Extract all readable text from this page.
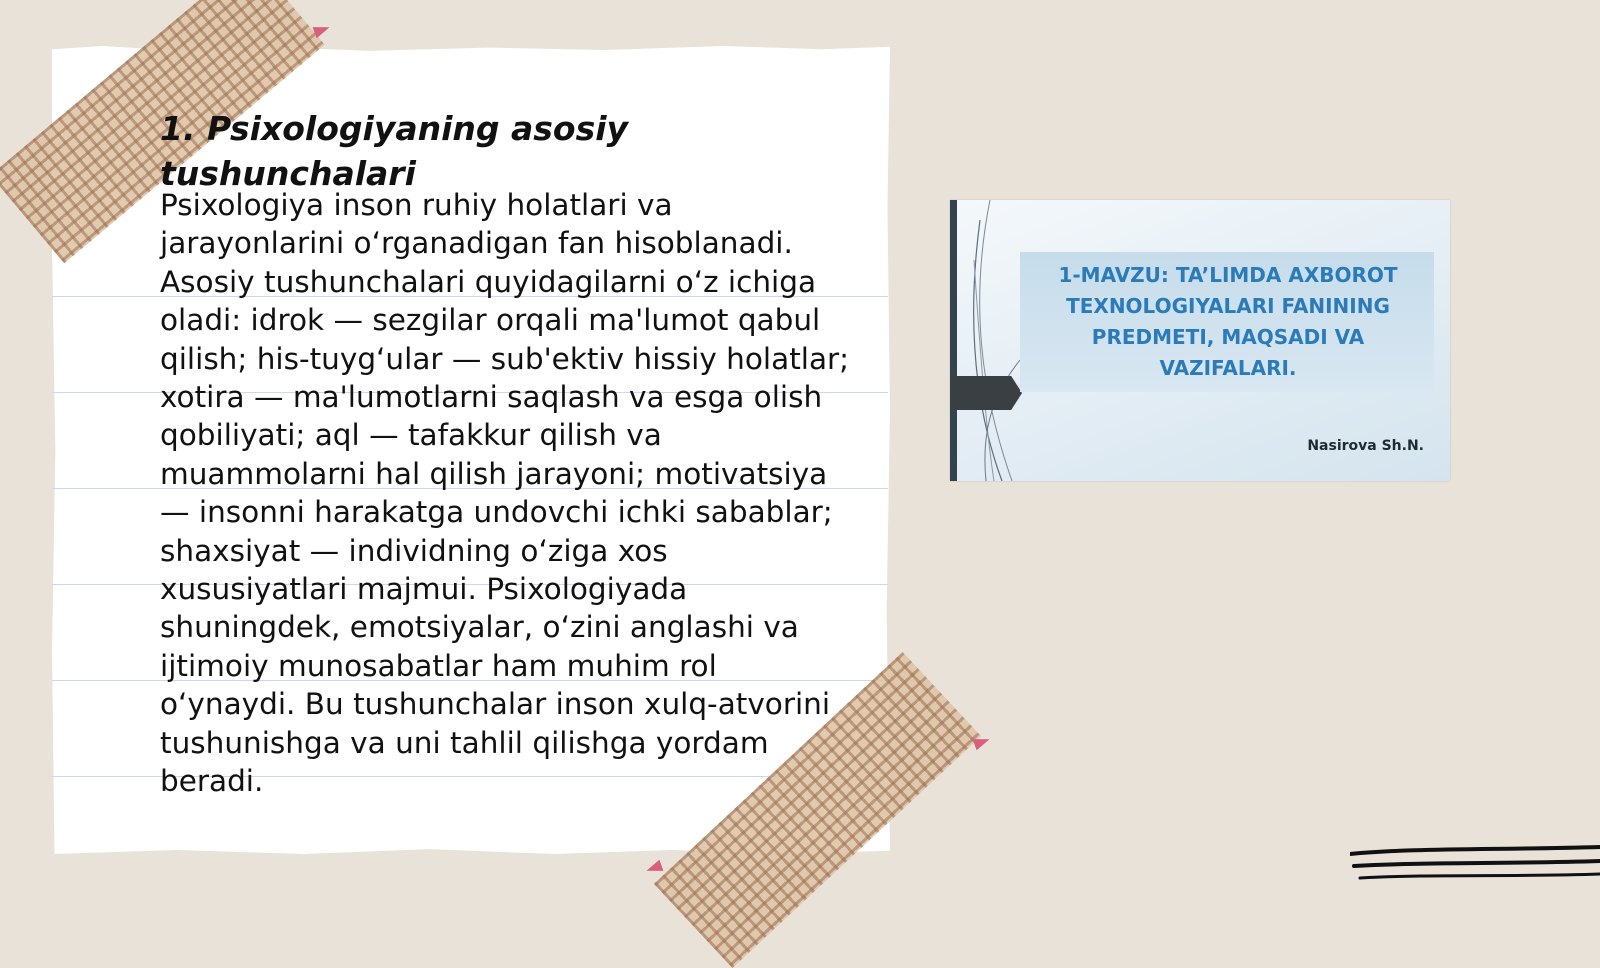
1. Psixologiyaning asosiy tushunchalari

Psixologiya inson ruhiy holatlari va jarayonlarini o‘rganadigan fan hisoblanadi. Asosiy tushunchalari quyidagilarni o‘z ichiga oladi: idrok — sezgilar orqali ma'lumot qabul qilish; his-tuyg‘ular — sub'ektiv hissiy holatlar; xotira — ma'lumotlarni saqlash va esga olish qobiliyati; aql — tafakkur qilish va muammolarni hal qilish jarayoni; motivatsiya — insonni harakatga undovchi ichki sabablar; shaxsiyat — individning o‘ziga xos xususiyatlari majmui. Psixologiyada shuningdek, emotsiyalar, o‘zini anglashi va ijtimoiy munosabatlar ham muhim rol o‘ynaydi. Bu tushunchalar inson xulq-atvorini tushunishga va uni tahlil qilishga yordam beradi.

1-MAVZU: TA’LIMDA AXBOROT TEXNOLOGIYALARI FANINING PREDMETI, MAQSADI VA VAZIFALARI.

Nasirova Sh.N.
